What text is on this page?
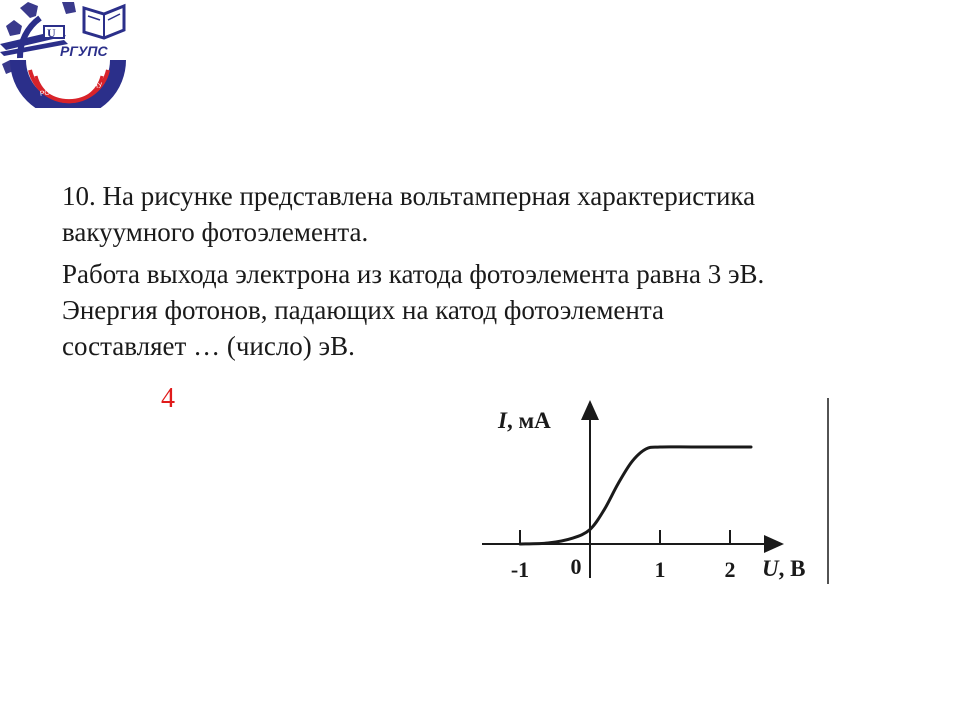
РОСТОВ-НА-ДОНУ
U
РГУПС

10. На рисунке представлена вольтамперная характеристика
вакуумного фотоэлемента.

Работа выхода электрона из катода фотоэлемента равна 3 эВ.
Энергия фотонов, падающих на катод фотоэлемента
составляет … (число) эВ.

4
-1 0	1	2
I, мА
U, В
